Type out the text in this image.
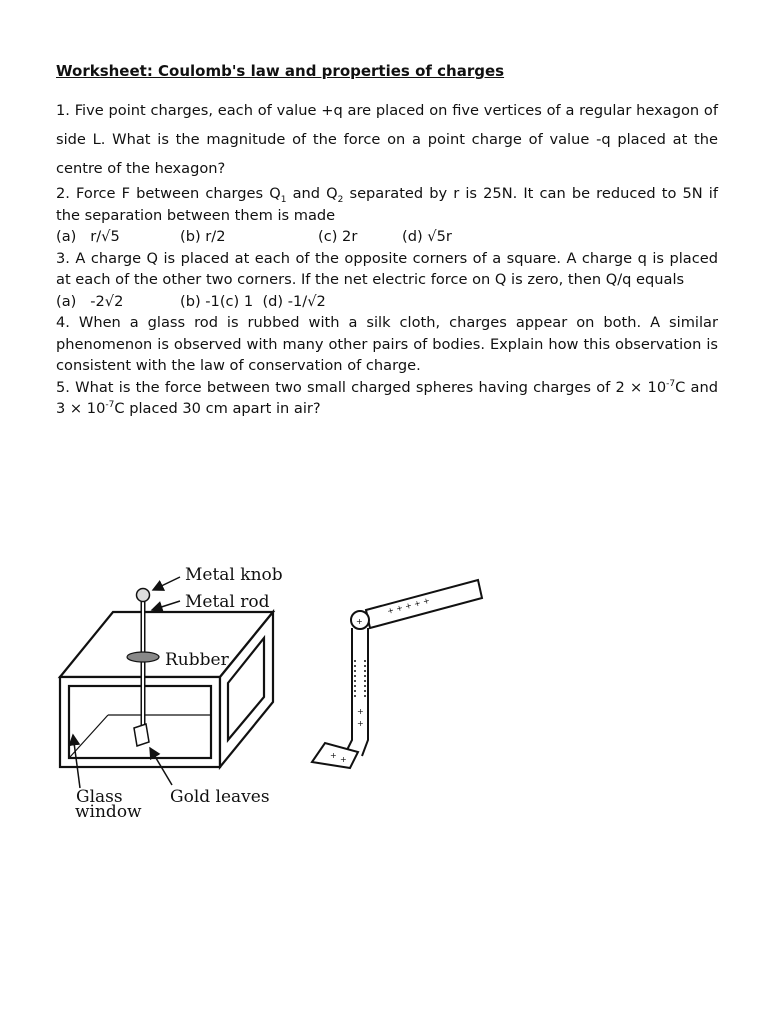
Worksheet: Coulomb's law and properties of charges

1. Five point charges, each of value +q are placed on five vertices of a regular hexagon of side L. What is the magnitude of the force on a point charge of value -q placed at the centre of the hexagon?

2. Force F between charges $Q_1$ and $Q_2$ separated by r is 25N. It can be reduced to 5N if the separation between them is made

(a)   r/√5	(b) r/2	(c) 2r	(d) √5r

3. A charge Q is placed at each of the opposite corners of a square. A charge q is placed at each of the other two corners. If the net electric force on Q is zero, then Q/q equals

(a)   -2√2	(b) -1(c) 1  (d) -1/√2

4. When a glass rod is rubbed with a silk cloth, charges appear on both. A similar phenomenon is observed with many other pairs of bodies. Explain how this observation is consistent with the law of conservation of charge.

5. What is the force between two small charged spheres having charges of $2 \times 10^{-7}C$ and $3 \times 10^{-7}C$ placed 30 cm apart in air?

Metal knob
Metal rod
Rubber
Glass
window
Gold leaves
+ + + + +
+
+
+
+ +
